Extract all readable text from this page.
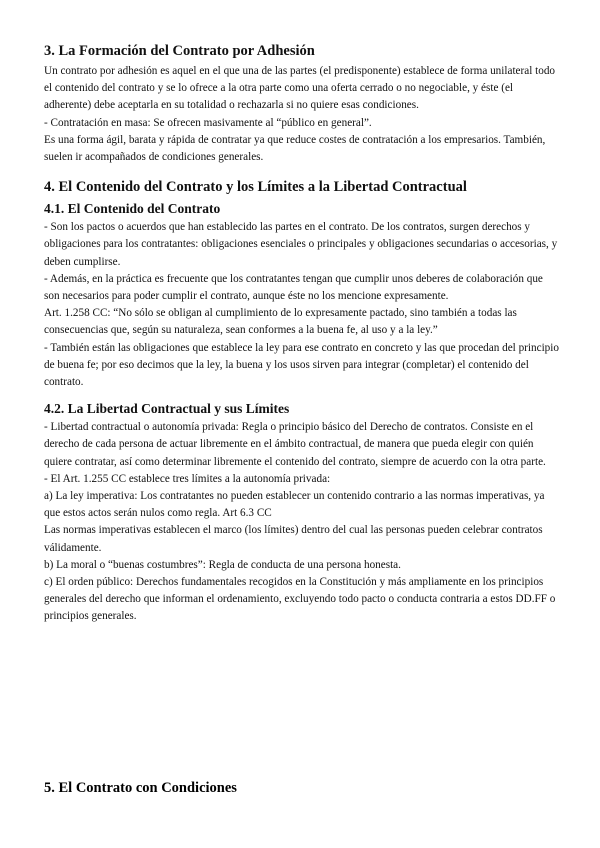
3. La Formación del Contrato por Adhesión

Un contrato por adhesión es aquel en el que una de las partes (el predisponente) establece de forma unilateral todo el contenido del contrato y se lo ofrece a la otra parte como una oferta cerrado o no negociable, y éste (el adherente) debe aceptarla en su totalidad o rechazarla si no quiere esas condiciones.

- Contratación en masa: Se ofrecen masivamente al “público en general”.

Es una forma ágil, barata y rápida de contratar ya que reduce costes de contratación a los empresarios. También, suelen ir acompañados de condiciones generales.

4. El Contenido del Contrato y los Límites a la Libertad Contractual
4.1. El Contenido del Contrato

- Son los pactos o acuerdos que han establecido las partes en el contrato. De los contratos, surgen derechos y obligaciones para los contratantes: obligaciones esenciales o principales y obligaciones secundarias o accesorias, y deben cumplirse.

- Además, en la práctica es frecuente que los contratantes tengan que cumplir unos deberes de colaboración que son necesarios para poder cumplir el contrato, aunque éste no los mencione expresamente.

Art. 1.258 CC: “No sólo se obligan al cumplimiento de lo expresamente pactado, sino también a todas las consecuencias que, según su naturaleza, sean conformes a la buena fe, al uso y a la ley.”

- También están las obligaciones que establece la ley para ese contrato en concreto y las que procedan del principio de buena fe; por eso decimos que la ley, la buena y los usos sirven para integrar (completar) el contenido del contrato.

4.2. La Libertad Contractual y sus Límites

- Libertad contractual o autonomía privada: Regla o principio básico del Derecho de contratos. Consiste en el derecho de cada persona de actuar libremente en el ámbito contractual, de manera que pueda elegir con quién quiere contratar, así como determinar libremente el contenido del contrato, siempre de acuerdo con la otra parte.

- El Art. 1.255 CC establece tres límites a la autonomía privada:

a) La ley imperativa: Los contratantes no pueden establecer un contenido contrario a las normas imperativas, ya que estos actos serán nulos como regla. Art 6.3 CC

Las normas imperativas establecen el marco (los límites) dentro del cual las personas pueden celebrar contratos válidamente.

b) La moral o “buenas costumbres”: Regla de conducta de una persona honesta.

c) El orden público: Derechos fundamentales recogidos en la Constitución y más ampliamente en los principios generales del derecho que informan el ordenamiento, excluyendo todo pacto o conducta contraria a estos DD.FF o principios generales.

5. El Contrato con Condiciones
